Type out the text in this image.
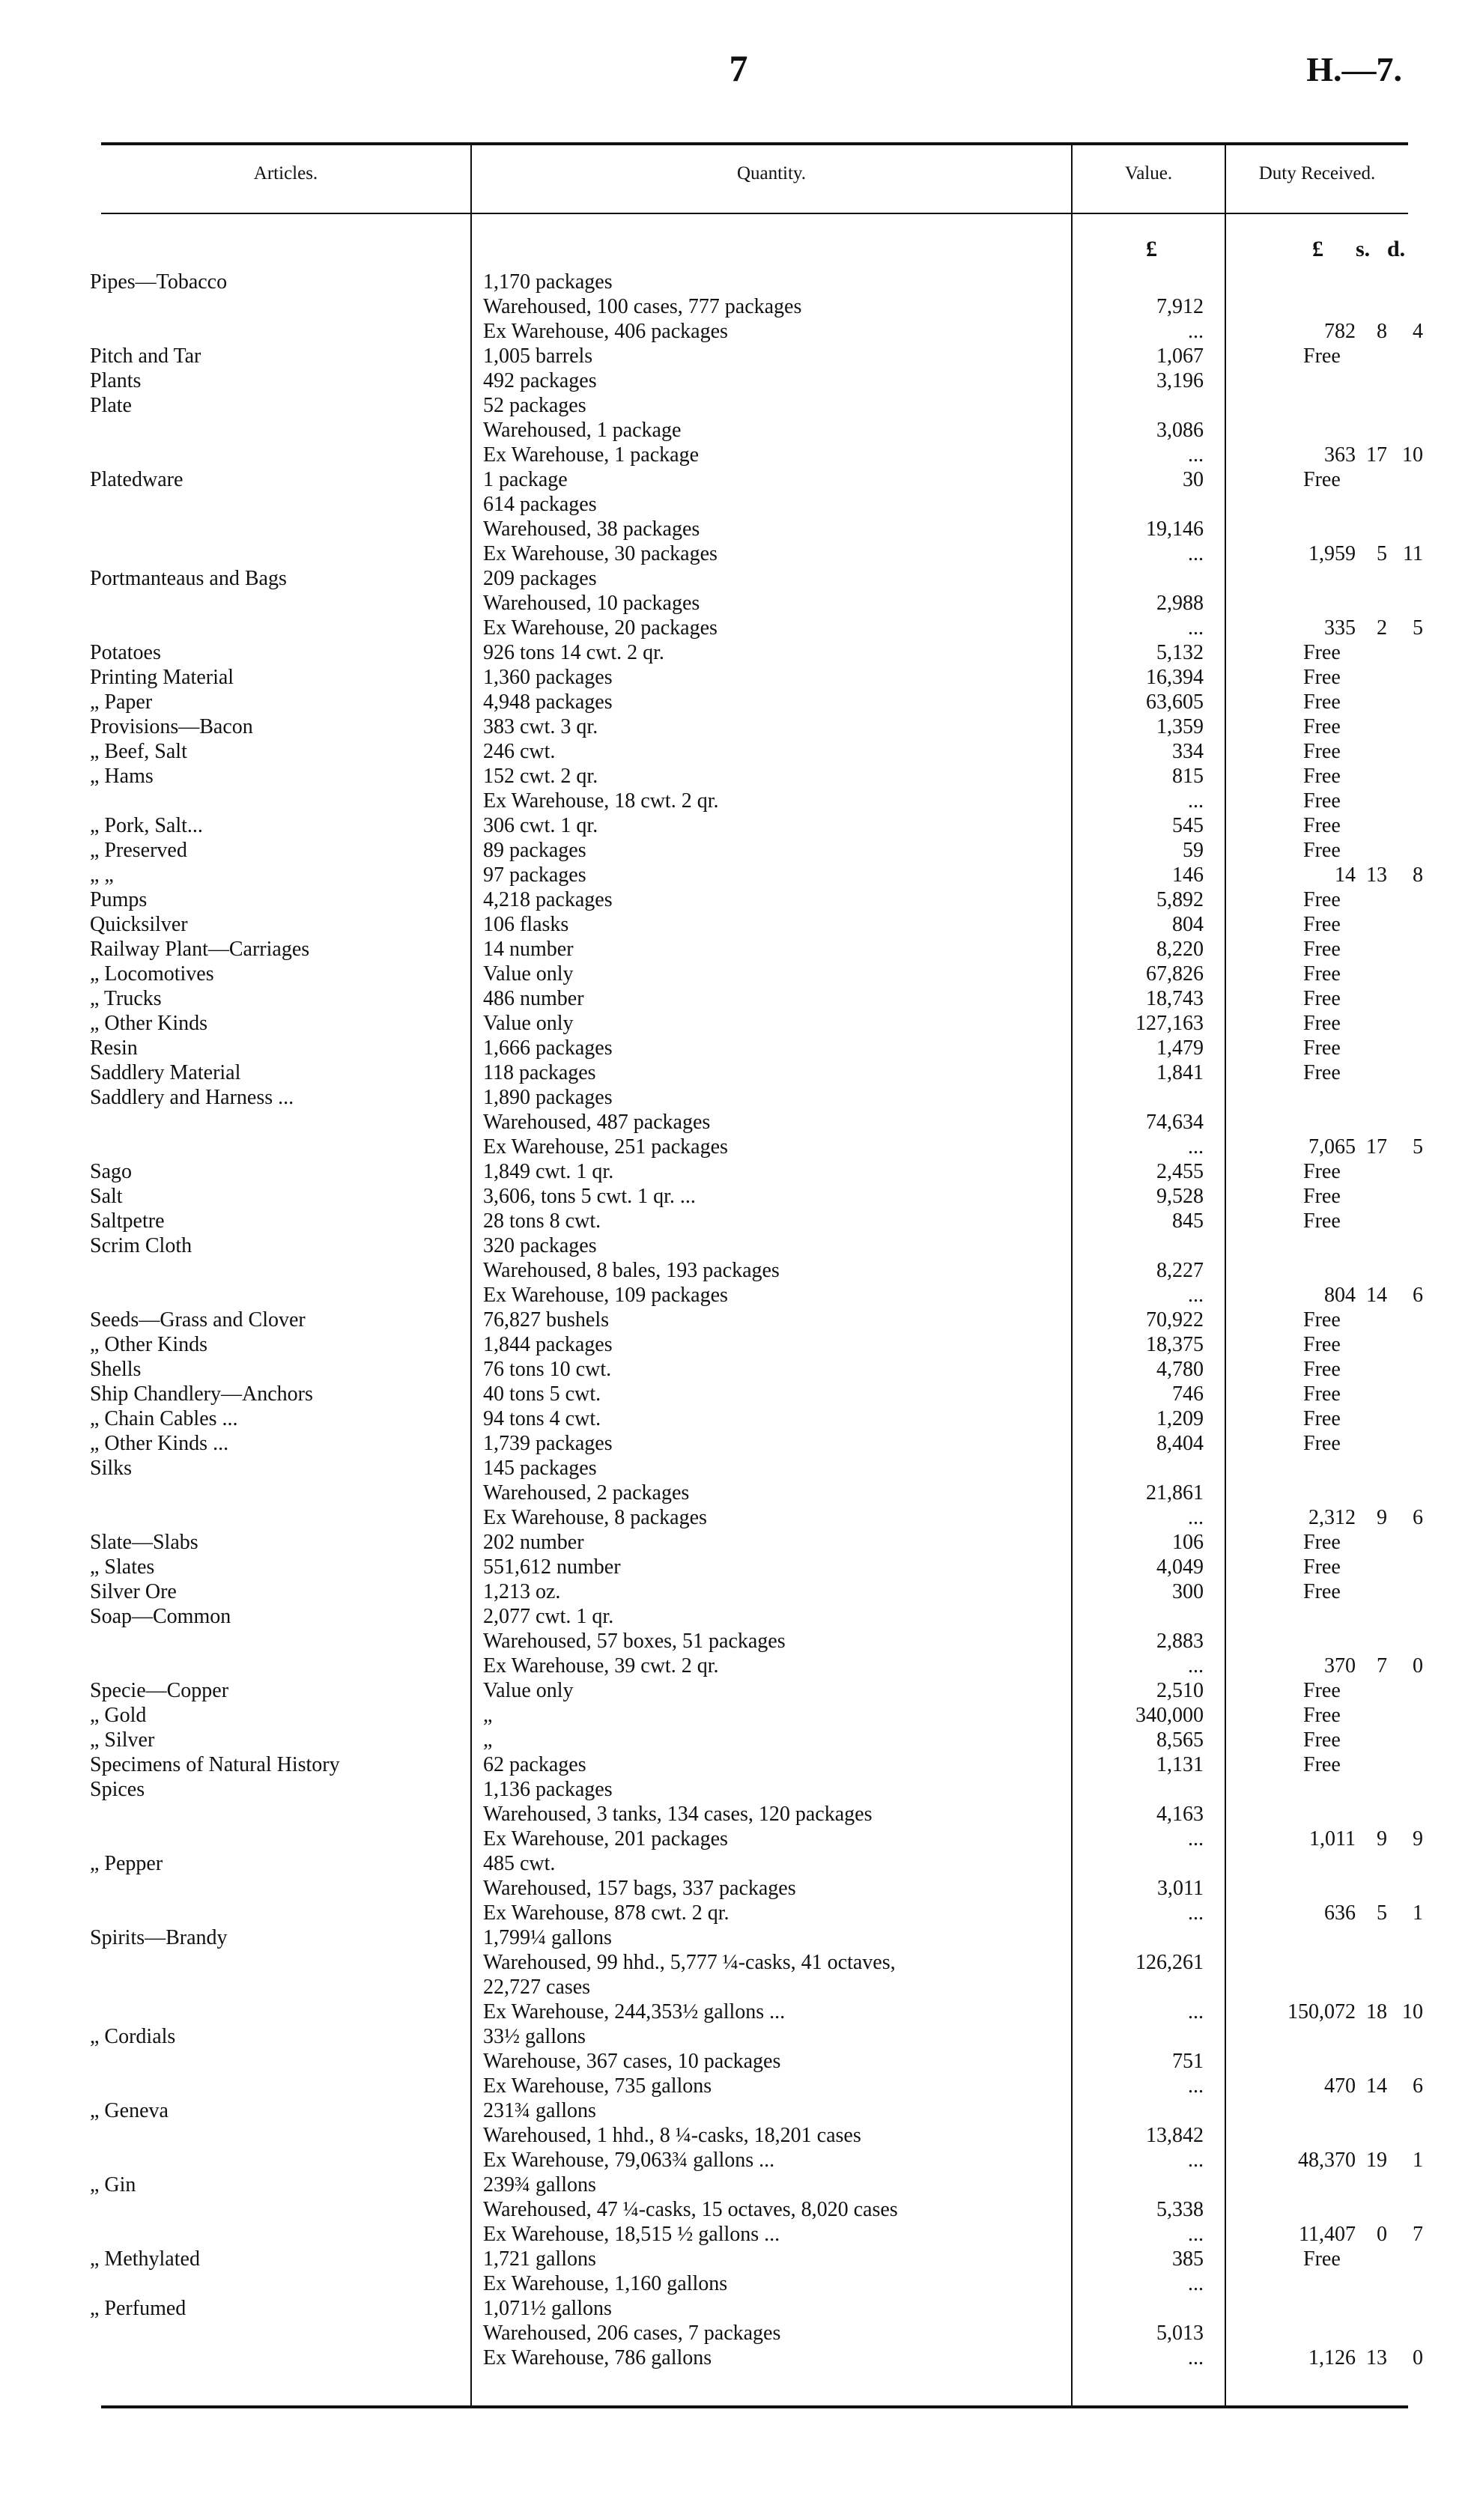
7	H.—7.
Articles.	Quantity.	Value.	Duty Received.
£	£ s. d.
Pipes—Tobacco	1,170 packages
Warehoused, 100 cases, 777 packages	7,912
Ex Warehouse, 406 packages	...	782	8	4
Pitch and Tar	1,005 barrels	1,067	Free
Plants	492 packages	3,196
Plate	52 packages
Warehoused, 1 package	3,086
Ex Warehouse, 1 package	...	363 17 10
Platedware	1 package	30	Free
614 packages
Warehoused, 38 packages	19,146
Ex Warehouse, 30 packages	...	1,959	5 11
Portmanteaus and Bags	209 packages
Warehoused, 10 packages	2,988
Ex Warehouse, 20 packages	...	335	2	5
Potatoes	926 tons 14 cwt. 2 qr.	5,132	Free
Printing Material	1,360 packages	16,394	Free
„ Paper	4,948 packages	63,605	Free
Provisions—Bacon	383 cwt. 3 qr.	1,359	Free
„ Beef, Salt	246 cwt.	334	Free
„ Hams	152 cwt. 2 qr.	815	Free
Ex Warehouse, 18 cwt. 2 qr.	...	Free
„ Pork, Salt...	306 cwt. 1 qr.	545	Free
„ Preserved	89 packages	59	Free
„ „	97 packages	146	14 13	8
Pumps	4,218 packages	5,892	Free
Quicksilver	106 flasks	804	Free
Railway Plant—Carriages	14 number	8,220	Free
„ Locomotives	Value only	67,826	Free
„ Trucks	486 number	18,743	Free
„ Other Kinds	Value only	127,163	Free
Resin	1,666 packages	1,479	Free
Saddlery Material	118 packages	1,841	Free
Saddlery and Harness ...	1,890 packages
Warehoused, 487 packages	74,634
Ex Warehouse, 251 packages	...	7,065 17	5
Sago	1,849 cwt. 1 qr.	2,455	Free
Salt	3,606, tons 5 cwt. 1 qr. ...	9,528	Free
Saltpetre	28 tons 8 cwt.	845	Free
Scrim Cloth	320 packages
Warehoused, 8 bales, 193 packages	8,227
Ex Warehouse, 109 packages	...	804 14	6
Seeds—Grass and Clover	76,827 bushels	70,922	Free
„ Other Kinds	1,844 packages	18,375	Free
Shells	76 tons 10 cwt.	4,780	Free
Ship Chandlery—Anchors	40 tons 5 cwt.	746	Free
„ Chain Cables ...	94 tons 4 cwt.	1,209	Free
„ Other Kinds ...	1,739 packages	8,404	Free
Silks	145 packages
Warehoused, 2 packages	21,861
Ex Warehouse, 8 packages	...	2,312	9	6
Slate—Slabs	202 number	106	Free
„ Slates	551,612 number	4,049	Free
Silver Ore	1,213 oz.	300	Free
Soap—Common	2,077 cwt. 1 qr.
Warehoused, 57 boxes, 51 packages	2,883
Ex Warehouse, 39 cwt. 2 qr.	...	370	7	0
Specie—Copper	Value only	2,510	Free
„ Gold	„	340,000	Free
„ Silver	„	8,565	Free
Specimens of Natural History	62 packages	1,131	Free
Spices	1,136 packages
Warehoused, 3 tanks, 134 cases, 120 packages	4,163
Ex Warehouse, 201 packages	...	1,011	9	9
„ Pepper	485 cwt.
Warehoused, 157 bags, 337 packages	3,011
Ex Warehouse, 878 cwt. 2 qr.	...	636	5	1
Spirits—Brandy	1,799¼ gallons
Warehoused, 99 hhd., 5,777 ¼-casks, 41 octaves,	126,261
22,727 cases
Ex Warehouse, 244,353½ gallons ...	...	150,072 18 10
„ Cordials	33½ gallons
Warehouse, 367 cases, 10 packages	751
Ex Warehouse, 735 gallons	...	470 14	6
„ Geneva	231¾ gallons
Warehoused, 1 hhd., 8 ¼-casks, 18,201 cases	13,842
Ex Warehouse, 79,063¾ gallons ...	...	48,370 19	1
„ Gin	239¾ gallons
Warehoused, 47 ¼-casks, 15 octaves, 8,020 cases	5,338
Ex Warehouse, 18,515 ½ gallons ...	...	11,407	0	7
„ Methylated	1,721 gallons	385	Free
Ex Warehouse, 1,160 gallons	...
„ Perfumed	1,071½ gallons
Warehoused, 206 cases, 7 packages	5,013
Ex Warehouse, 786 gallons	...	1,126 13	0
